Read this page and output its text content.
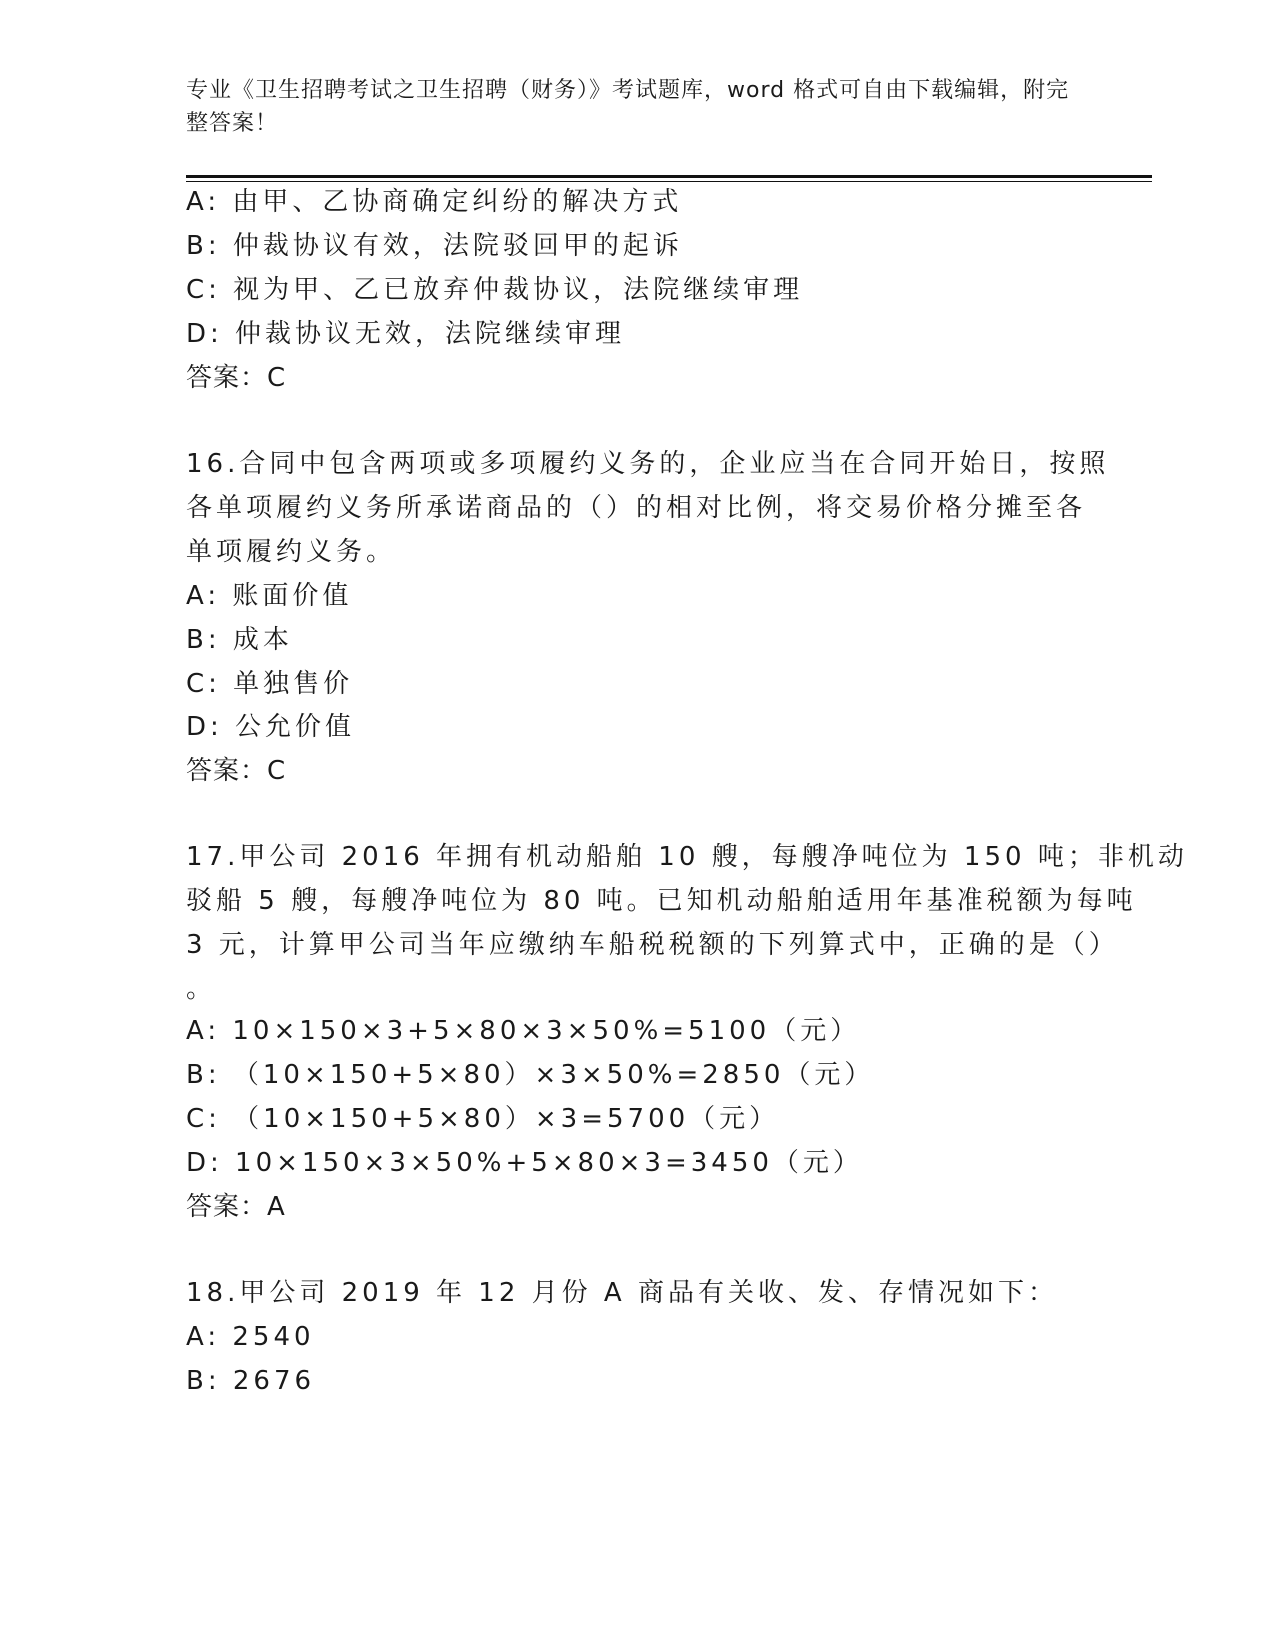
专业《卫生招聘考试之卫生招聘（财务）》考试题库，word 格式可自由下载编辑，附完整答案！
A: 由甲、乙协商确定纠纷的解决方式
B: 仲裁协议有效，法院驳回甲的起诉
C: 视为甲、乙已放弃仲裁协议，法院继续审理
D: 仲裁协议无效，法院继续审理
答案：C
16.合同中包含两项或多项履约义务的，企业应当在合同开始日，按照
各单项履约义务所承诺商品的（）的相对比例，将交易价格分摊至各
单项履约义务。
A: 账面价值
B: 成本
C: 单独售价
D: 公允价值
答案：C
17.甲公司 2016 年拥有机动船舶 10 艘，每艘净吨位为 150 吨；非机动
驳船 5 艘，每艘净吨位为 80 吨。已知机动船舶适用年基准税额为每吨
3 元，计算甲公司当年应缴纳车船税税额的下列算式中，正确的是（）
。
A: 10×150×3+5×80×3×50%=5100（元）
B: （10×150+5×80）×3×50%=2850（元）
C: （10×150+5×80）×3=5700（元）
D: 10×150×3×50%+5×80×3=3450（元）
答案：A
18.甲公司 2019 年 12 月份 A 商品有关收、发、存情况如下：
A: 2540
B: 2676
